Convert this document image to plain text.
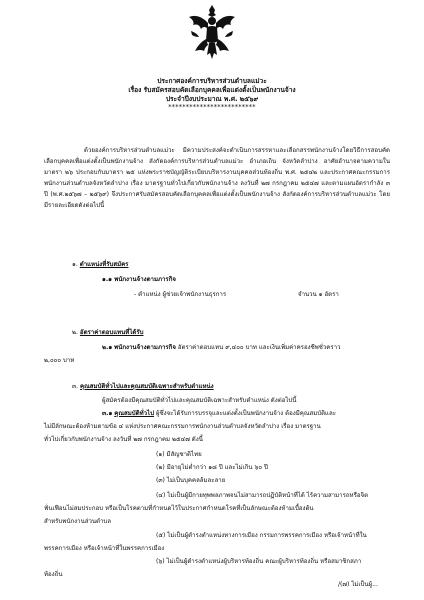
ประกาศองค์การบริหารส่วนตำบลแม่วะ
เรื่อง รับสมัครสอบคัดเลือกบุคคลเพื่อแต่งตั้งเป็นพนักงานจ้าง
ประจำปีงบประมาณ พ.ศ. ๒๕๖๙
*************************
ด้วยองค์การบริหารส่วนตำบลแม่วะ มีความประสงค์จะดำเนินการสรรหาและเลือกสรรพนักงานจ้างโดยวิธีการสอบคัดเลือกบุคคลเพื่อแต่งตั้งเป็นพนักงานจ้าง สังกัดองค์การบริหารส่วนตำบลแม่วะ อำเภอเถิน จังหวัดลำปาง อาศัยอำนาจตามความในมาตรา ๒๖ ประกอบกับมาตรา ๒๕ แห่งพระราชบัญญัติระเบียบบริหารงานบุคคลส่วนท้องถิ่น พ.ศ. ๒๕๔๒ และประกาศคณะกรรมการพนักงานส่วนตำบลจังหวัดลำปาง เรื่อง มาตรฐานทั่วไปเกี่ยวกับพนักงานจ้าง ลงวันที่ ๒๗ กรกฎาคม ๒๕๔๗ และตามแผนอัตรากำลัง ๓ ปี (พ.ศ.๒๕๖๗ – ๒๕๖๙) จึงประกาศรับสมัครสอบคัดเลือกบุคคลเพื่อแต่งตั้งเป็นพนักงานจ้าง สังกัดองค์การบริหารส่วนตำบลแม่วะ โดยมีรายละเอียดดังต่อไปนี้
๑. ตำแหน่งที่รับสมัคร
๑.๑ พนักงานจ้างตามภารกิจ
- ตำแหน่ง ผู้ช่วยเจ้าพนักงานธุรการ	จำนวน ๑ อัตรา
๒. อัตราค่าตอบแทนที่ได้รับ
๒.๑ พนักงานจ้างตามภารกิจ อัตราค่าตอบแทน ๙,๔๐๐ บาท และเงินเพิ่มค่าครองชีพชั่วคราว
๒,๐๐๐ บาท
๓. คุณสมบัติทั่วไปและคุณสมบัติเฉพาะสำหรับตำแหน่ง
ผู้สมัครต้องมีคุณสมบัติทั่วไปและคุณสมบัติเฉพาะสำหรับตำแหน่ง ดังต่อไปนี้
๓.๑ คุณสมบัติทั่วไป ผู้ซึ่งจะได้รับการบรรจุและแต่งตั้งเป็นพนักงานจ้าง ต้องมีคุณสมบัติและ
ไม่มีลักษณะต้องห้ามตามข้อ ๔ แห่งประกาศคณะกรรมการพนักงานส่วนตำบลจังหวัดลำปาง เรื่อง มาตรฐาน
ทั่วไปเกี่ยวกับพนักงานจ้าง ลงวันที่ ๒๗ กรกฎาคม ๒๕๔๗ ดังนี้
(๑) มีสัญชาติไทย
(๒) มีอายุไม่ต่ำกว่า ๑๘ ปี และไม่เกิน ๖๐ ปี
(๓) ไม่เป็นบุคคลล้มละลาย
(๔) ไม่เป็นผู้มีกายทุพพลภาพจนไม่สามารถปฏิบัติหน้าที่ได้ ไร้ความสามารถหรือจิต
ฟั่นเฟือนไม่สมประกอบ หรือเป็นโรคตามที่กำหนดไว้ในประกาศกำหนดโรคที่เป็นลักษณะต้องห้ามเบื้องต้น
สำหรับพนักงานส่วนตำบล
(๕) ไม่เป็นผู้ดำรงตำแหน่งทางการเมือง กรรมการพรรคการเมือง หรือเจ้าหน้าที่ใน
พรรคการเมือง หรือเจ้าหน้าที่ในพรรคการเมือง
(๖) ไม่เป็นผู้ดำรงตำแหน่งผู้บริหารท้องถิ่น คณะผู้บริหารท้องถิ่น หรือสมาชิกสภา
ท้องถิ่น
/(๗) ไม่เป็นผู้...
